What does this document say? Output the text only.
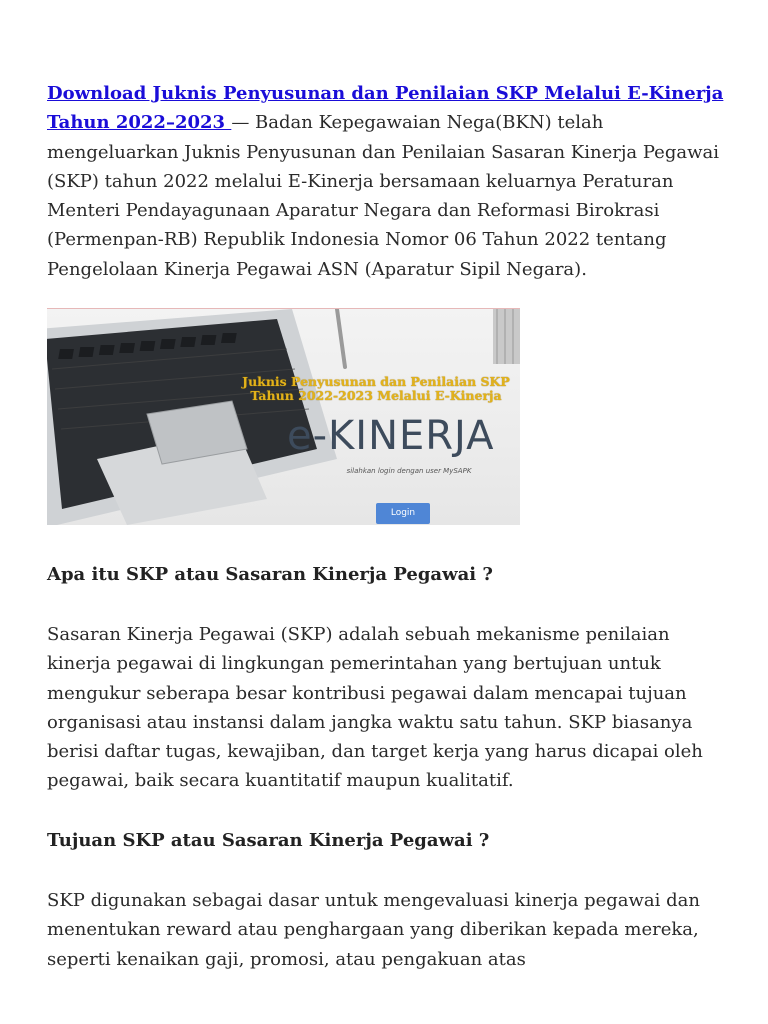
Download Juknis Penyusunan dan Penilaian SKP Melalui E-Kinerja Tahun 2022–2023 — Badan Kepegawaian Nega(BKN) telah mengeluarkan Juknis Penyusunan dan Penilaian Sasaran Kinerja Pegawai (SKP) tahun 2022 melalui E-Kinerja bersamaan keluarnya Peraturan Menteri Pendayagunaan Aparatur Negara dan Reformasi Birokrasi (Permenpan-RB) Republik Indonesia Nomor 06 Tahun 2022 tentang Pengelolaan Kinerja Pegawai ASN (Aparatur Sipil Negara).

Juknis Penyusunan dan Penilaian SKP
Tahun 2022-2023 Melalui E-Kinerja
e-KINERJA
silahkan login dengan user MySAPK
Login
Apa itu SKP atau Sasaran Kinerja Pegawai ?

Sasaran Kinerja Pegawai (SKP) adalah sebuah mekanisme penilaian kinerja pegawai di lingkungan pemerintahan yang bertujuan untuk mengukur seberapa besar kontribusi pegawai dalam mencapai tujuan organisasi atau instansi dalam jangka waktu satu tahun. SKP biasanya berisi daftar tugas, kewajiban, dan target kerja yang harus dicapai oleh pegawai, baik secara kuantitatif maupun kualitatif.

Tujuan SKP atau Sasaran Kinerja Pegawai ?

SKP digunakan sebagai dasar untuk mengevaluasi kinerja pegawai dan menentukan reward atau penghargaan yang diberikan kepada mereka, seperti kenaikan gaji, promosi, atau pengakuan atas
